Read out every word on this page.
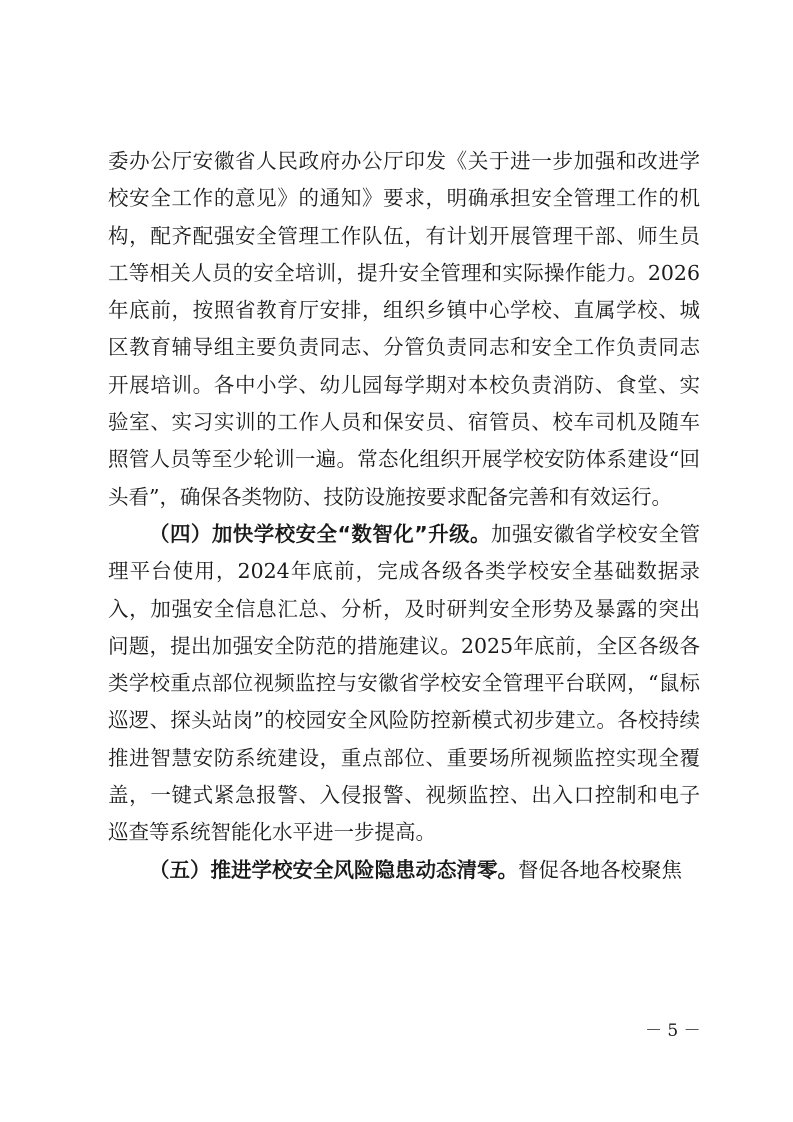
委办公厅安徽省人民政府办公厅印发《关于进一步加强和改进学校安全工作的意见》的通知》要求，明确承担安全管理工作的机构，配齐配强安全管理工作队伍，有计划开展管理干部、师生员工等相关人员的安全培训，提升安全管理和实际操作能力。2026年底前，按照省教育厅安排，组织乡镇中心学校、直属学校、城区教育辅导组主要负责同志、分管负责同志和安全工作负责同志开展培训。各中小学、幼儿园每学期对本校负责消防、食堂、实验室、实习实训的工作人员和保安员、宿管员、校车司机及随车照管人员等至少轮训一遍。常态化组织开展学校安防体系建设“回头看”，确保各类物防、技防设施按要求配备完善和有效运行。

（四）加快学校安全“数智化”升级。加强安徽省学校安全管理平台使用，2024年底前，完成各级各类学校安全基础数据录入，加强安全信息汇总、分析，及时研判安全形势及暴露的突出问题，提出加强安全防范的措施建议。2025年底前，全区各级各类学校重点部位视频监控与安徽省学校安全管理平台联网，“鼠标巡逻、探头站岗”的校园安全风险防控新模式初步建立。各校持续推进智慧安防系统建设，重点部位、重要场所视频监控实现全覆盖，一键式紧急报警、入侵报警、视频监控、出入口控制和电子巡查等系统智能化水平进一步提高。

（五）推进学校安全风险隐患动态清零。督促各地各校聚焦

－ 5 －
